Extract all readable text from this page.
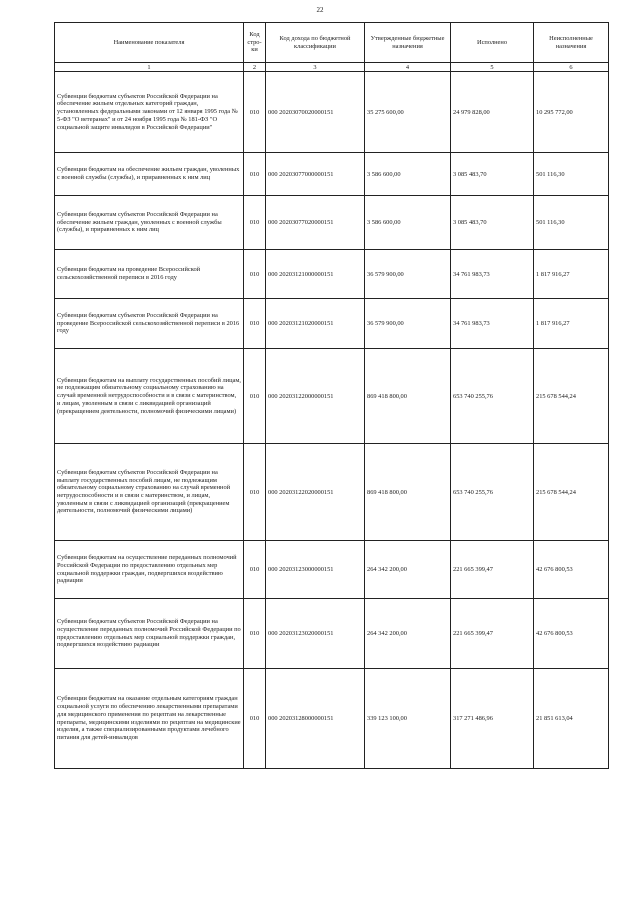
22
Наименование показателя	Код стро-ки	Код дохода по бюджетной классификации	Утвержденные бюджетные назначения	Исполнено	Неисполненные назначения
1	2	3	4	5	6
Субвенции бюджетам субъектов Российской Федерации на обеспечение жильем отдельных категорий граждан, установленных федеральными законами от 12 января 1995 года № 5-ФЗ "О ветеранах" и от 24 ноября 1995 года № 181-ФЗ "О социальной защите инвалидов в Российской Федерации"	010	000 20203070020000151	35 275 600,00	24 979 828,00	10 295 772,00
Субвенции бюджетам на обеспечение жильем граждан, уволенных с военной службы (службы), и приравненных к ним лиц	010	000 20203077000000151	3 586 600,00	3 085 483,70	501 116,30
Субвенции бюджетам субъектов Российской Федерации на обеспечение жильем граждан, уволенных с военной службы (службы), и приравненных к ним лиц	010	000 20203077020000151	3 586 600,00	3 085 483,70	501 116,30
Субвенции бюджетам на проведение Всероссийской сельскохозяйственной переписи в 2016 году	010	000 20203121000000151	36 579 900,00	34 761 983,73	1 817 916,27
Субвенции бюджетам субъектов Российской Федерации на проведение Всероссийской сельскохозяйственной переписи в 2016 году	010	000 20203121020000151	36 579 900,00	34 761 983,73	1 817 916,27
Субвенции бюджетам на выплату государственных пособий лицам, не подлежащим обязательному социальному страхованию на случай временной нетрудоспособности и в связи с материнством, и лицам, уволенным в связи с ликвидацией организаций (прекращением деятельности, полномочий физическими лицами)	010	000 20203122000000151	869 418 800,00	653 740 255,76	215 678 544,24
Субвенции бюджетам субъектов Российской Федерации на выплату государственных пособий лицам, не подлежащим обязательному социальному страхованию на случай временной нетрудоспособности и в связи с материнством, и лицам, уволенным в связи с ликвидацией организаций (прекращением деятельности, полномочий физическими лицами)	010	000 20203122020000151	869 418 800,00	653 740 255,76	215 678 544,24
Субвенции бюджетам на осуществление переданных полномочий Российской Федерации по предоставлению отдельных мер социальной поддержки граждан, подвергшихся воздействию радиации	010	000 20203123000000151	264 342 200,00	221 665 399,47	42 676 800,53
Субвенции бюджетам субъектов Российской Федерации на осуществление переданных полномочий Российской Федерации по предоставлению отдельных мер социальной поддержки граждан, подвергшихся воздействию радиации	010	000 20203123020000151	264 342 200,00	221 665 399,47	42 676 800,53
Субвенции бюджетам на оказание отдельным категориям граждан социальной услуги по обеспечению лекарственными препаратами для медицинского применения по рецептам на лекарственные препараты, медицинскими изделиями по рецептам на медицинские изделия, а также специализированными продуктами лечебного питания для детей-инвалидов	010	000 20203128000000151	339 123 100,00	317 271 486,96	21 851 613,04
